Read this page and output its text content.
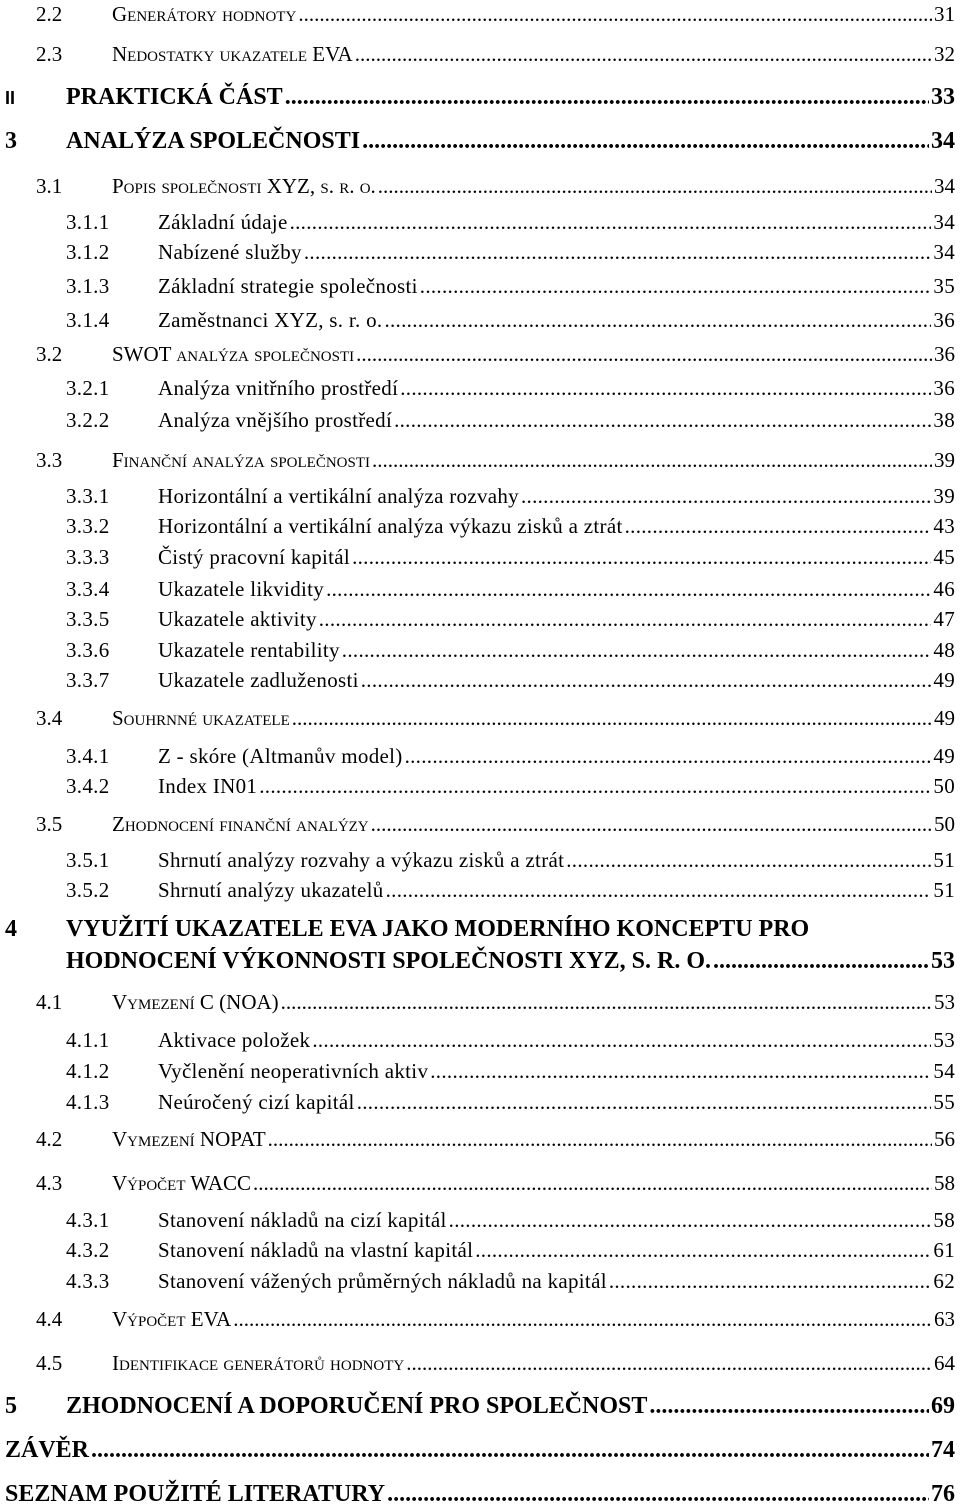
2.2 Generátory hodnoty .....	31
2.3 Nedostatky ukazatele EVA .....	32
II PRAKTICKÁ ČÁST .....	33
3 ANALÝZA SPOLEČNOSTI .....	34
3.1 Popis společnosti XYZ, s. r. o. .....	34
3.1.1 Základní údaje .....	34
3.1.2 Nabízené služby .....	34
3.1.3 Základní strategie společnosti .....	35
3.1.4 Zaměstnanci XYZ, s. r. o. .....	36
3.2 SWOT analýza společnosti .....	36
3.2.1 Analýza vnitřního prostředí .....	36
3.2.2 Analýza vnějšího prostředí .....	38
3.3 Finanční analýza společnosti .....	39
3.3.1 Horizontální a vertikální analýza rozvahy .....	39
3.3.2 Horizontální a vertikální analýza výkazu zisků a ztrát .....	43
3.3.3 Čistý pracovní kapitál .....	45
3.3.4 Ukazatele likvidity .....	46
3.3.5 Ukazatele aktivity .....	47
3.3.6 Ukazatele rentability .....	48
3.3.7 Ukazatele zadluženosti .....	49
3.4 Souhrnné ukazatele .....	49
3.4.1 Z - skóre (Altmanův model) .....	49
3.4.2 Index IN01 .....	50
3.5 Zhodnocení finanční analýzy .....	50
3.5.1 Shrnutí analýzy rozvahy a výkazu zisků a ztrát .....	51
3.5.2 Shrnutí analýzy ukazatelů .....	51
4 VYUŽITÍ UKAZATELE EVA JAKO MODERNÍHO KONCEPTU PRO
HODNOCENÍ VÝKONNOSTI SPOLEČNOSTI XYZ, S. R. O. .....	53
4.1 Vymezení C (NOA) .....	53
4.1.1 Aktivace položek .....	53
4.1.2 Vyčlenění neoperativních aktiv .....	54
4.1.3 Neúročený cizí kapitál .....	55
4.2 Vymezení NOPAT .....	56
4.3 Výpočet WACC .....	58
4.3.1 Stanovení nákladů na cizí kapitál .....	58
4.3.2 Stanovení nákladů na vlastní kapitál .....	61
4.3.3 Stanovení vážených průměrných nákladů na kapitál .....	62
4.4 Výpočet EVA .....	63
4.5 Identifikace generátorů hodnoty .....	64
5 ZHODNOCENÍ A DOPORUČENÍ PRO SPOLEČNOST .....	69
ZÁVĚR .....	74
SEZNAM POUŽITÉ LITERATURY .....	76
